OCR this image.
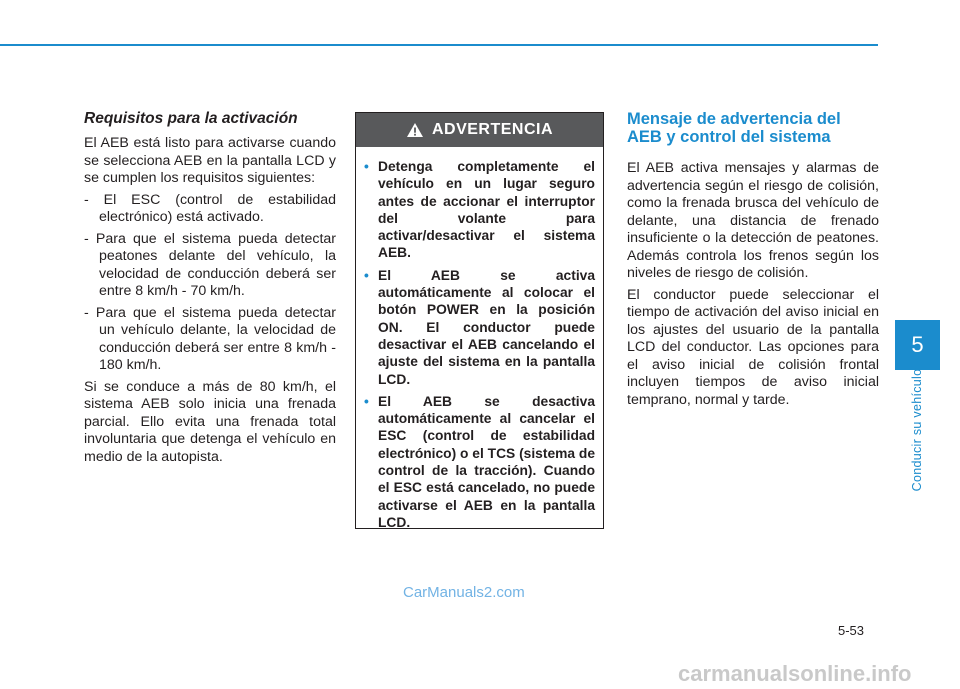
Requisitos para la activación
El AEB está listo para activarse cuando se selecciona AEB en la pantalla LCD y se cumplen los requisitos siguientes:
- El ESC (control de estabilidad electrónico) está activado.
- Para que el sistema pueda detectar peatones delante del vehículo, la velocidad de conducción deberá ser entre 8 km/h - 70 km/h.
- Para que el sistema pueda detectar un vehículo delante, la velocidad de conducción deberá ser entre 8 km/h - 180 km/h.
Si se conduce a más de 80 km/h, el sistema AEB solo inicia una frenada parcial. Ello evita una frenada total involuntaria que detenga el vehículo en medio de la autopista.
ADVERTENCIA
• Detenga completamente el vehículo en un lugar seguro antes de accionar el interruptor del volante para activar/desactivar el sistema AEB.
• El AEB se activa automáticamente al colocar el botón POWER en la posición ON. El conductor puede desactivar el AEB cancelando el ajuste del sistema en la pantalla LCD.
• El AEB se desactiva automáticamente al cancelar el ESC (control de estabilidad electrónico) o el TCS (sistema de control de la tracción). Cuando el ESC está cancelado, no puede activarse el AEB en la pantalla LCD.
Mensaje de advertencia del AEB y control del sistema
El AEB activa mensajes y alarmas de advertencia según el riesgo de colisión, como la frenada brusca del vehículo de delante, una distancia de frenado insuficiente o la detección de peatones. Además controla los frenos según los niveles de riesgo de colisión.
El conductor puede seleccionar el tiempo de activación del aviso inicial en los ajustes del usuario de la pantalla LCD del conductor. Las opciones para el aviso inicial de colisión frontal incluyen tiempos de aviso inicial temprano, normal y tarde.
5
Conducir su vehículo
5-53
CarManuals2.com
carmanualsonline.info
